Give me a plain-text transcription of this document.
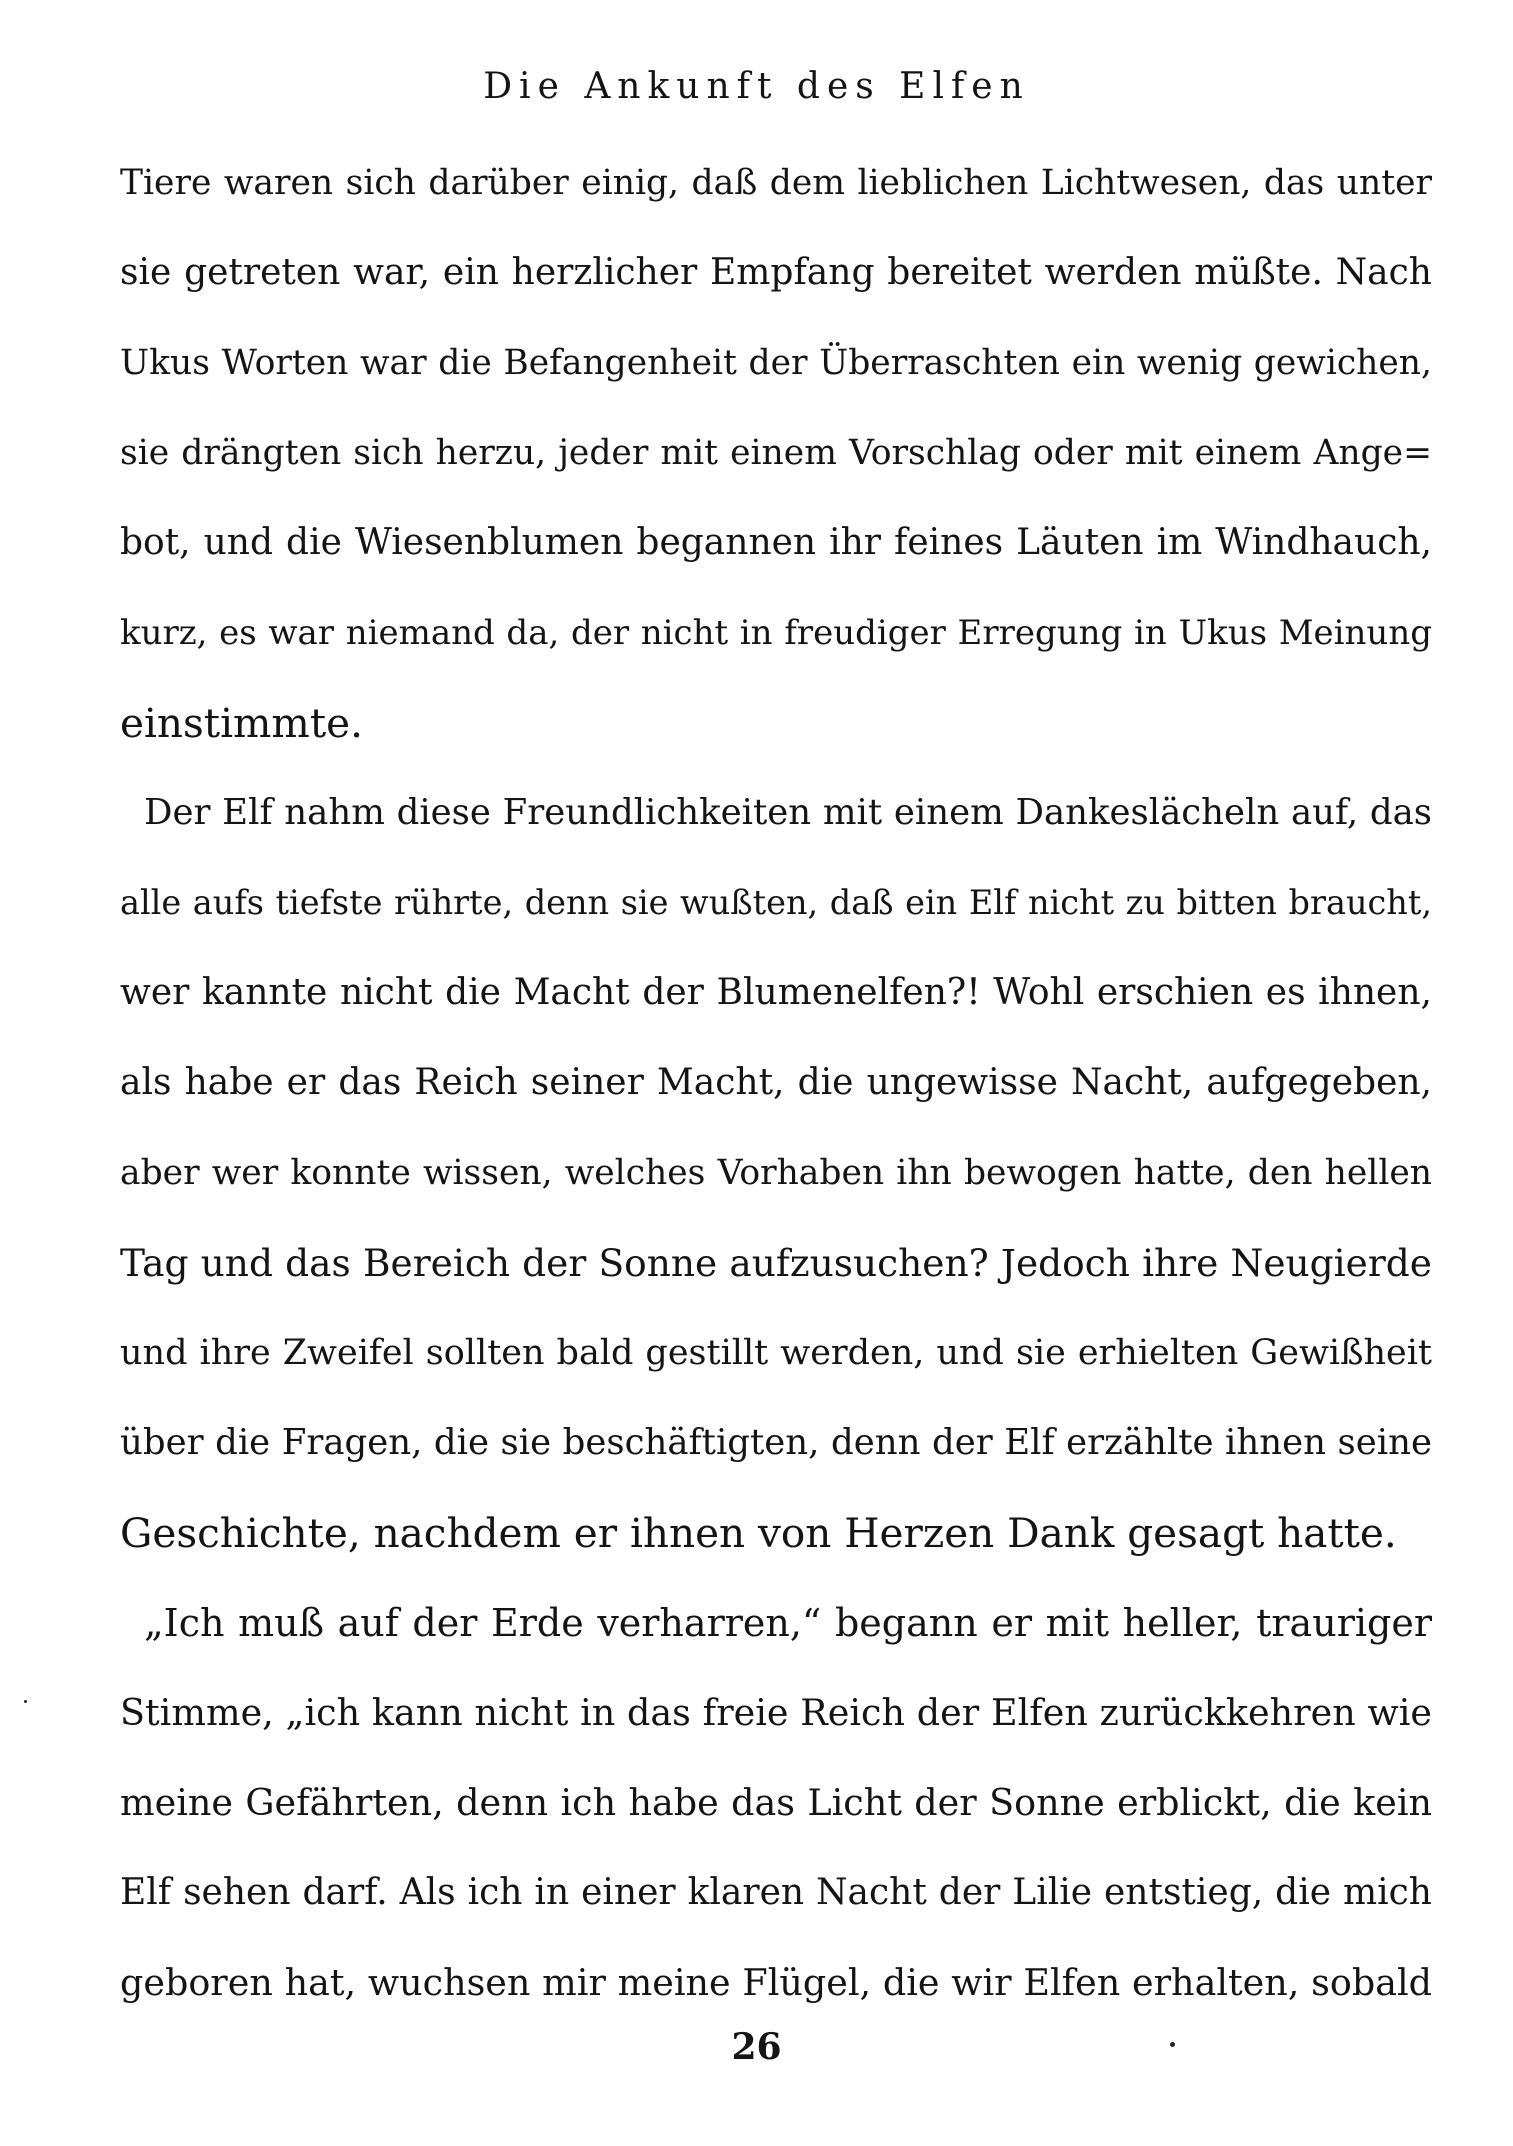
Die Ankunft des Elfen

Tiere waren sich darüber einig, daß dem lieblichen Lichtwesen, das unter
sie getreten war, ein herzlicher Empfang bereitet werden müßte. Nach
Ukus Worten war die Befangenheit der Überraschten ein wenig gewichen,
sie drängten sich herzu, jeder mit einem Vorschlag oder mit einem Ange=
bot, und die Wiesenblumen begannen ihr feines Läuten im Windhauch,
kurz, es war niemand da, der nicht in freudiger Erregung in Ukus Meinung
einstimmte.

Der Elf nahm diese Freundlichkeiten mit einem Dankeslächeln auf, das
alle aufs tiefste rührte, denn sie wußten, daß ein Elf nicht zu bitten braucht,
wer kannte nicht die Macht der Blumenelfen?! Wohl erschien es ihnen,
als habe er das Reich seiner Macht, die ungewisse Nacht, aufgegeben,
aber wer konnte wissen, welches Vorhaben ihn bewogen hatte, den hellen
Tag und das Bereich der Sonne aufzusuchen? Jedoch ihre Neugierde
und ihre Zweifel sollten bald gestillt werden, und sie erhielten Gewißheit
über die Fragen, die sie beschäftigten, denn der Elf erzählte ihnen seine
Geschichte, nachdem er ihnen von Herzen Dank gesagt hatte.

„Ich muß auf der Erde verharren,“ begann er mit heller, trauriger
Stimme, „ich kann nicht in das freie Reich der Elfen zurückkehren wie
meine Gefährten, denn ich habe das Licht der Sonne erblickt, die kein
Elf sehen darf. Als ich in einer klaren Nacht der Lilie entstieg, die mich
geboren hat, wuchsen mir meine Flügel, die wir Elfen erhalten, sobald

26
